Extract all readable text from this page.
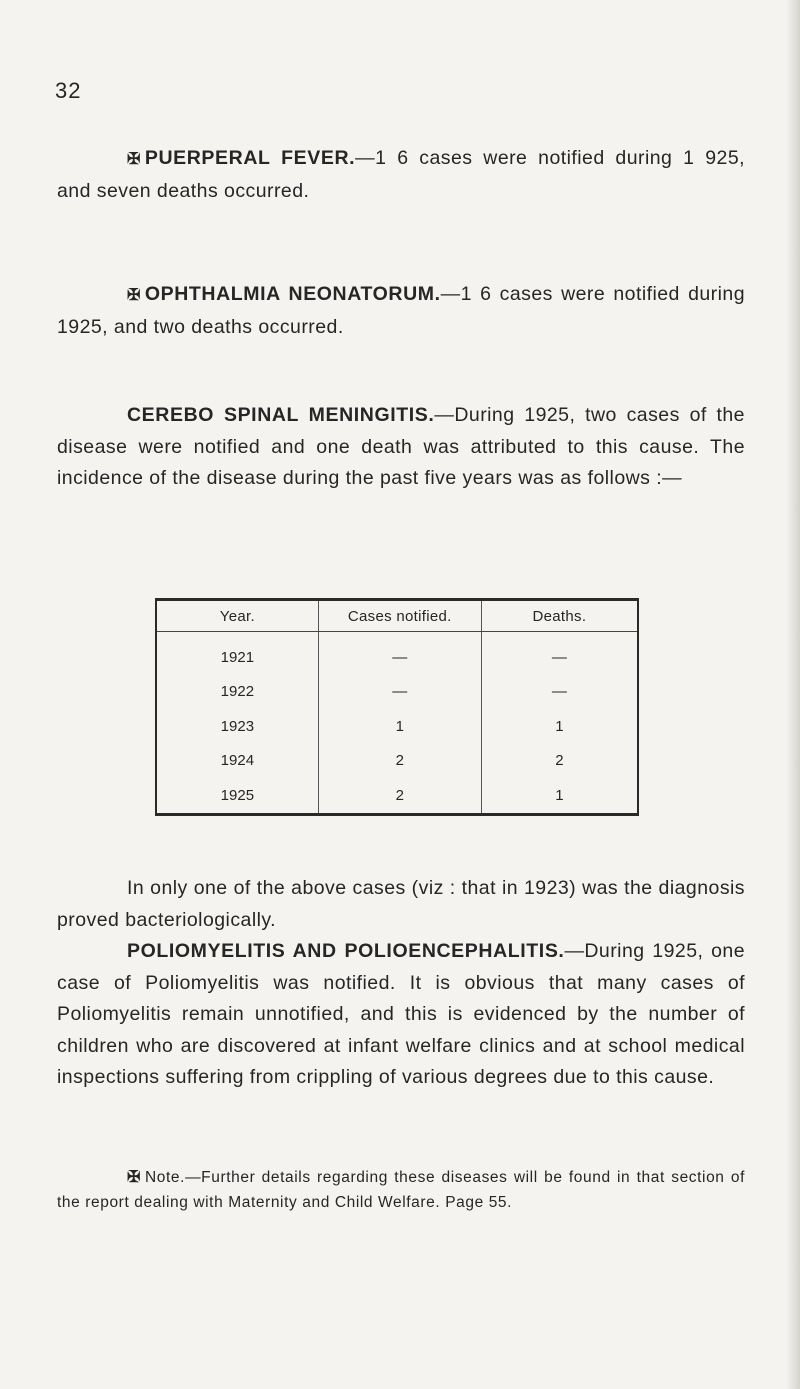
32

✠ PUERPERAL FEVER.—1 6 cases were notified during 1 925, and seven deaths occurred.

✠ OPHTHALMIA NEONATORUM.—1 6 cases were notified during 1925, and two deaths occurred.

CEREBO SPINAL MENINGITIS.—During 1925, two cases of the disease were notified and one death was attributed to this cause. The incidence of the disease during the past five years was as follows :—

Year.	Cases notified.	Deaths.
1921	—	—
1922	—	—
1923	1	1
1924	2	2
1925	2	1

In only one of the above cases (viz : that in 1923) was the diagnosis proved bacteriologically.

POLIOMYELITIS AND POLIOENCEPHALITIS.—During 1925, one case of Poliomyelitis was notified. It is obvious that many cases of Poliomyelitis remain unnotified, and this is evidenced by the number of children who are discovered at infant welfare clinics and at school medical inspections suffering from crippling of various degrees due to this cause.

✠ Note.—Further details regarding these diseases will be found in that section of the report dealing with Maternity and Child Welfare. Page 55.
